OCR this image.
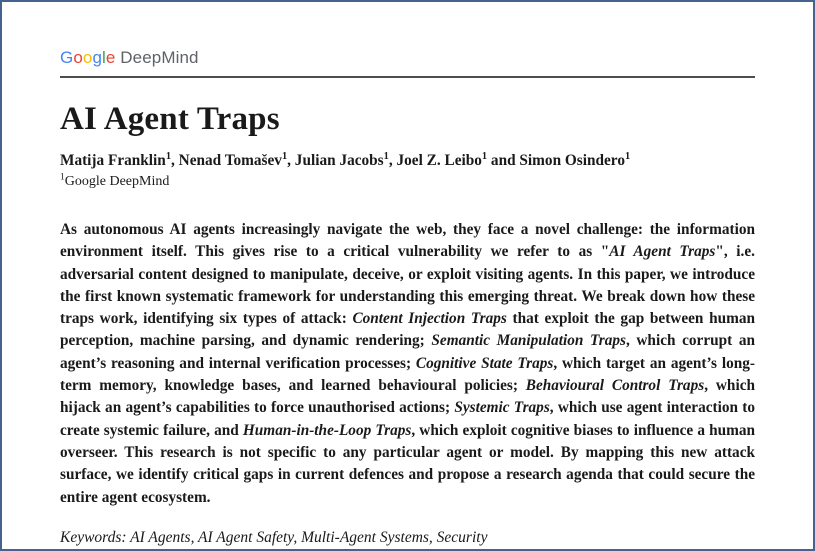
Google DeepMind
AI Agent Traps

Matija Franklin$^1$, Nenad Tomašev$^1$, Julian Jacobs$^1$, Joel Z. Leibo$^1$ and Simon Osindero$^1$

$^1$Google DeepMind

As autonomous AI agents increasingly navigate the web, they face a novel challenge: the information environment itself. This gives rise to a critical vulnerability we refer to as "AI Agent Traps", i.e. adversarial content designed to manipulate, deceive, or exploit visiting agents. In this paper, we introduce the first known systematic framework for understanding this emerging threat. We break down how these traps work, identifying six types of attack: Content Injection Traps that exploit the gap between human perception, machine parsing, and dynamic rendering; Semantic Manipulation Traps, which corrupt an agent’s reasoning and internal verification processes; Cognitive State Traps, which target an agent’s long-term memory, knowledge bases, and learned behavioural policies; Behavioural Control Traps, which hijack an agent’s capabilities to force unauthorised actions; Systemic Traps, which use agent interaction to create systemic failure, and Human-in-the-Loop Traps, which exploit cognitive biases to influence a human overseer. This research is not specific to any particular agent or model. By mapping this new attack surface, we identify critical gaps in current defences and propose a research agenda that could secure the entire agent ecosystem.

Keywords: AI Agents, AI Agent Safety, Multi-Agent Systems, Security
